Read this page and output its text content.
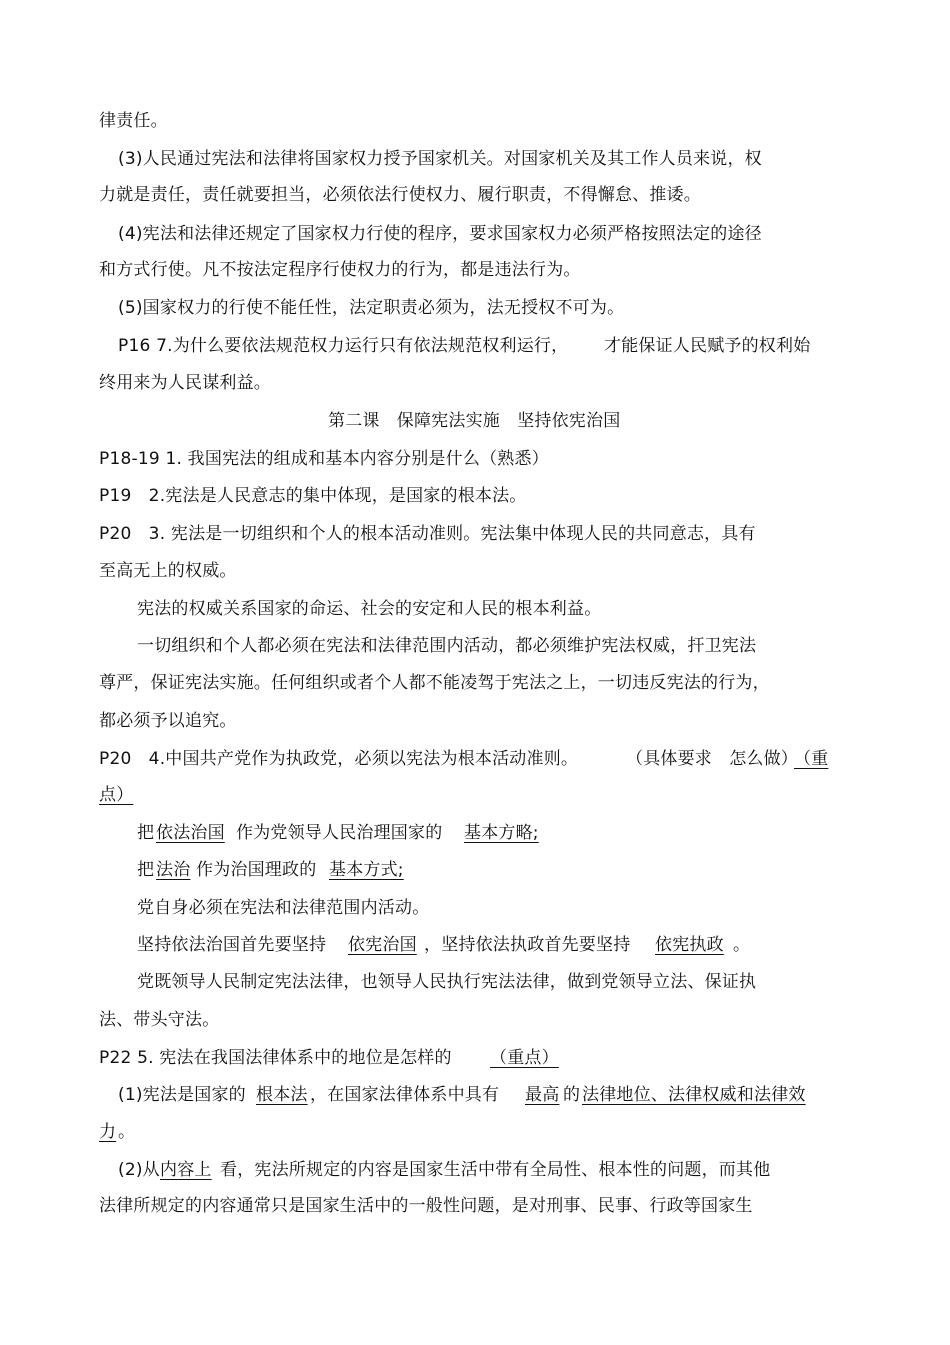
律责任。
(3)人民通过宪法和法律将国家权力授予国家机关。对国家机关及其工作人员来说，权
力就是责任，责任就要担当，必须依法行使权力、履行职责，不得懈怠、推诿。
(4)宪法和法律还规定了国家权力行使的程序，要求国家权力必须严格按照法定的途径
和方式行使。凡不按法定程序行使权力的行为，都是违法行为。
(5)国家权力的行使不能任性，法定职责必须为，法无授权不可为。
P16 7.为什么要依法规范权力运行只有依法规范权利运行， 才能保证人民赋予的权利始
终用来为人民谋利益。
第二课　保障宪法实施　坚持依宪治国
P18-19 1. 我国宪法的组成和基本内容分别是什么（熟悉）
P19　2.宪法是人民意志的集中体现，是国家的根本法。
P20　3. 宪法是一切组织和个人的根本活动准则。宪法集中体现人民的共同意志，具有
至高无上的权威。
宪法的权威关系国家的命运、社会的安定和人民的根本利益。
一切组织和个人都必须在宪法和法律范围内活动，都必须维护宪法权威，扞卫宪法
尊严，保证宪法实施。任何组织或者个人都不能凌驾于宪法之上，一切违反宪法的行为，
都必须予以追究。
P20　4.中国共产党作为执政党，必须以宪法为根本活动准则。	（具体要求　怎么做）
（重
点）
把 依法治国 作为党领导人民治理国家的 基本方略;
把 法治 作为治国理政的 基本方式;
党自身必须在宪法和法律范围内活动。
坚持依法治国首先要坚持 依宪治国 ，坚持依法执政首先要坚持 依宪执政 。
党既领导人民制定宪法法律，也领导人民执行宪法法律，做到党领导立法、保证执
法、带头守法。
P22 5. 宪法在我国法律体系中的地位是怎样的 （重点）
(1)宪法是国家的 根本法 ，在国家法律体系中具有 最高 的 法律地位、法律权威和法律效
力 。
(2)从 内容上 看，宪法所规定的内容是国家生活中带有全局性、根本性的问题，而其他
法律所规定的内容通常只是国家生活中的一般性问题，是对刑事、民事、行政等国家生
